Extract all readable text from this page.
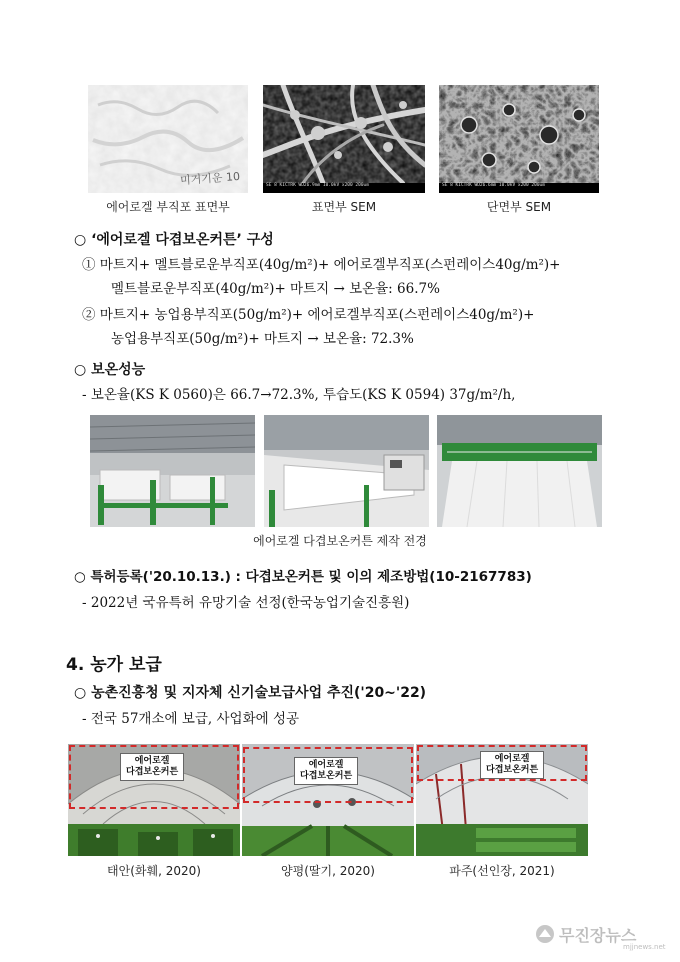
미거기운 10	SE 8 KICTRK WD26.9mm 10.0kV x200 200um	SE 8 KICTRK WD26.6mm 10.0kV x200 200um
에어로겔 부직포 표면부	표면부 SEM	단면부 SEM
○ ‘에어로겔 다겹보온커튼’ 구성
① 마트지+ 멜트블로운부직포(40g/m²)+ 에어로겔부직포(스펀레이스40g/m²)+
멜트블로운부직포(40g/m²)+ 마트지 → 보온율: 66.7%
② 마트지+ 농업용부직포(50g/m²)+ 에어로겔부직포(스펀레이스40g/m²)+
농업용부직포(50g/m²)+ 마트지 → 보온율: 72.3%
○ 보온성능
- 보온율(KS K 0560)은 66.7→72.3%, 투습도(KS K 0594) 37g/m²/h,
에어로겔 다겹보온커튼 제작 전경
○ 특허등록('20.10.13.) : 다겹보온커튼 및 이의 제조방법(10-2167783)
- 2022년 국유특허 유망기술 선정(한국농업기술진흥원)
4. 농가 보급
○ 농촌진흥청 및 지자체 신기술보급사업 추진('20~'22)
- 전국 57개소에 보급, 사업화에 성공
에어로겔
다겹보온커튼
에어로겔
다겹보온커튼
에어로겔
다겹보온커튼
태안(화훼, 2020)	양평(딸기, 2020)	파주(선인장, 2021)
무진장뉴스
mjjnews.net
